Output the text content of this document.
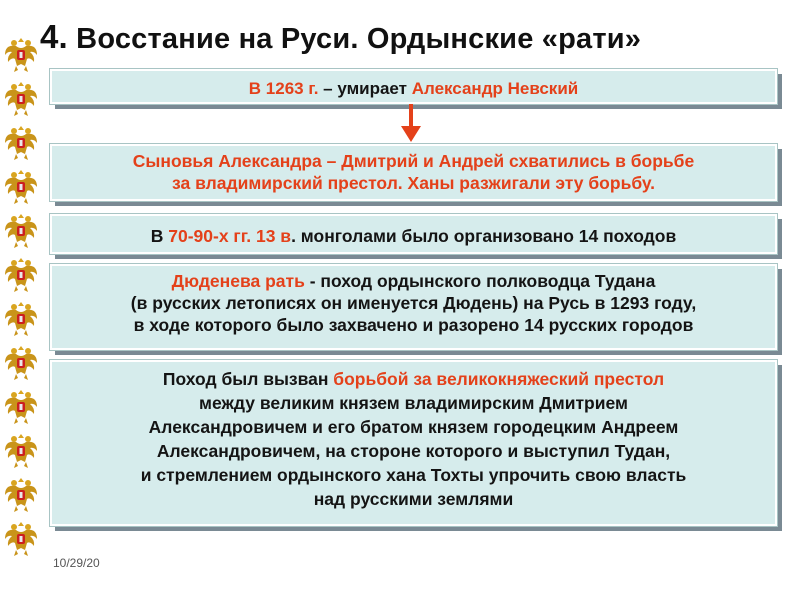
4. Восстание на Руси. Ордынские «рати»
В 1263 г. – умирает Александр Невский
Сыновья Александра – Дмитрий и Андрей схватились в борьбе
за владимирский престол. Ханы разжигали эту борьбу.
В 70-90-х гг. 13 в. монголами было организовано 14 походов
Дюденева рать - поход ордынского полководца Тудана
(в русских летописях он именуется Дюдень) на Русь в 1293 году,
в ходе которого было захвачено и разорено 14 русских городов
Поход был вызван борьбой за великокняжеский престол
между великим князем владимирским Дмитрием
Александровичем и его братом князем городецким Андреем
Александровичем, на стороне которого и выступил Тудан,
и стремлением ордынского хана Тохты упрочить свою власть
над русскими землями
10/29/20
